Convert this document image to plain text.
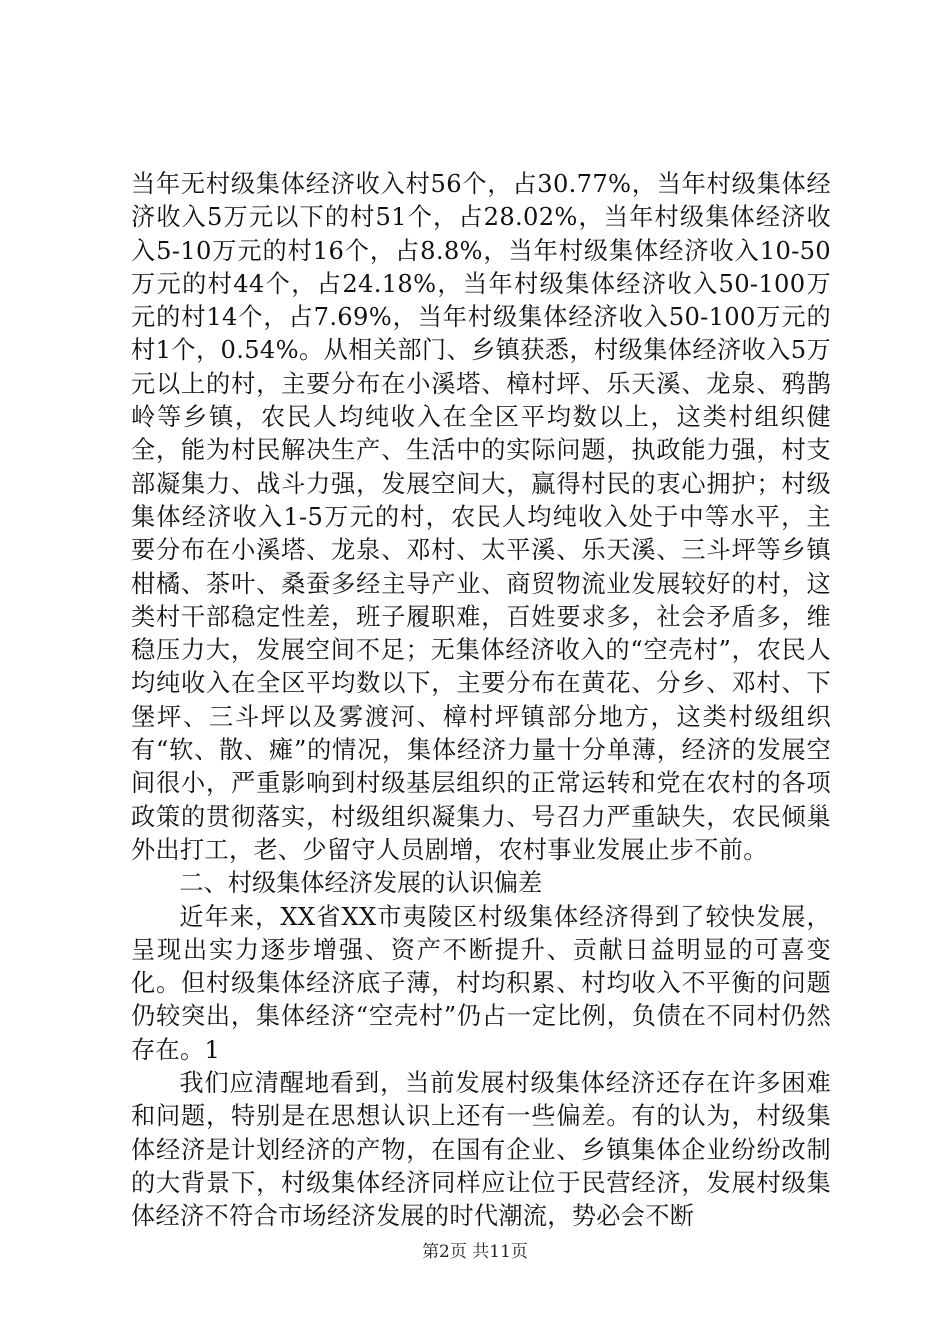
当年无村级集体经济收入村56个，占30.77%，当年村级集体经济收入5万元以下的村51个，占28.02%，当年村级集体经济收入5-10万元的村16个，占8.8%，当年村级集体经济收入10-50万元的村44个，占24.18%，当年村级集体经济收入50-100万元的村14个，占7.69%，当年村级集体经济收入50-100万元的村1个，0.54%。从相关部门、乡镇获悉，村级集体经济收入5万元以上的村，主要分布在小溪塔、樟村坪、乐天溪、龙泉、鸦鹊岭等乡镇，农民人均纯收入在全区平均数以上，这类村组织健全，能为村民解决生产、生活中的实际问题，执政能力强，村支部凝集力、战斗力强，发展空间大，赢得村民的衷心拥护；村级集体经济收入1-5万元的村，农民人均纯收入处于中等水平，主要分布在小溪塔、龙泉、邓村、太平溪、乐天溪、三斗坪等乡镇柑橘、茶叶、桑蚕多经主导产业、商贸物流业发展较好的村，这类村干部稳定性差，班子履职难，百姓要求多，社会矛盾多，维稳压力大，发展空间不足；无集体经济收入的“空壳村”，农民人均纯收入在全区平均数以下，主要分布在黄花、分乡、邓村、下堡坪、三斗坪以及雾渡河、樟村坪镇部分地方，这类村级组织有“软、散、瘫”的情况，集体经济力量十分单薄，经济的发展空间很小，严重影响到村级基层组织的正常运转和党在农村的各项政策的贯彻落实，村级组织凝集力、号召力严重缺失，农民倾巢外出打工，老、少留守人员剧增，农村事业发展止步不前。

二、村级集体经济发展的认识偏差

近年来，XX省XX市夷陵区村级集体经济得到了较快发展，呈现出实力逐步增强、资产不断提升、贡献日益明显的可喜变化。但村级集体经济底子薄，村均积累、村均收入不平衡的问题仍较突出，集体经济“空壳村”仍占一定比例，负债在不同村仍然存在。1

我们应清醒地看到，当前发展村级集体经济还存在许多困难和问题，特别是在思想认识上还有一些偏差。有的认为，村级集体经济是计划经济的产物，在国有企业、乡镇集体企业纷纷改制的大背景下，村级集体经济同样应让位于民营经济，发展村级集体经济不符合市场经济发展的时代潮流，势必会不断

第2页 共11页
